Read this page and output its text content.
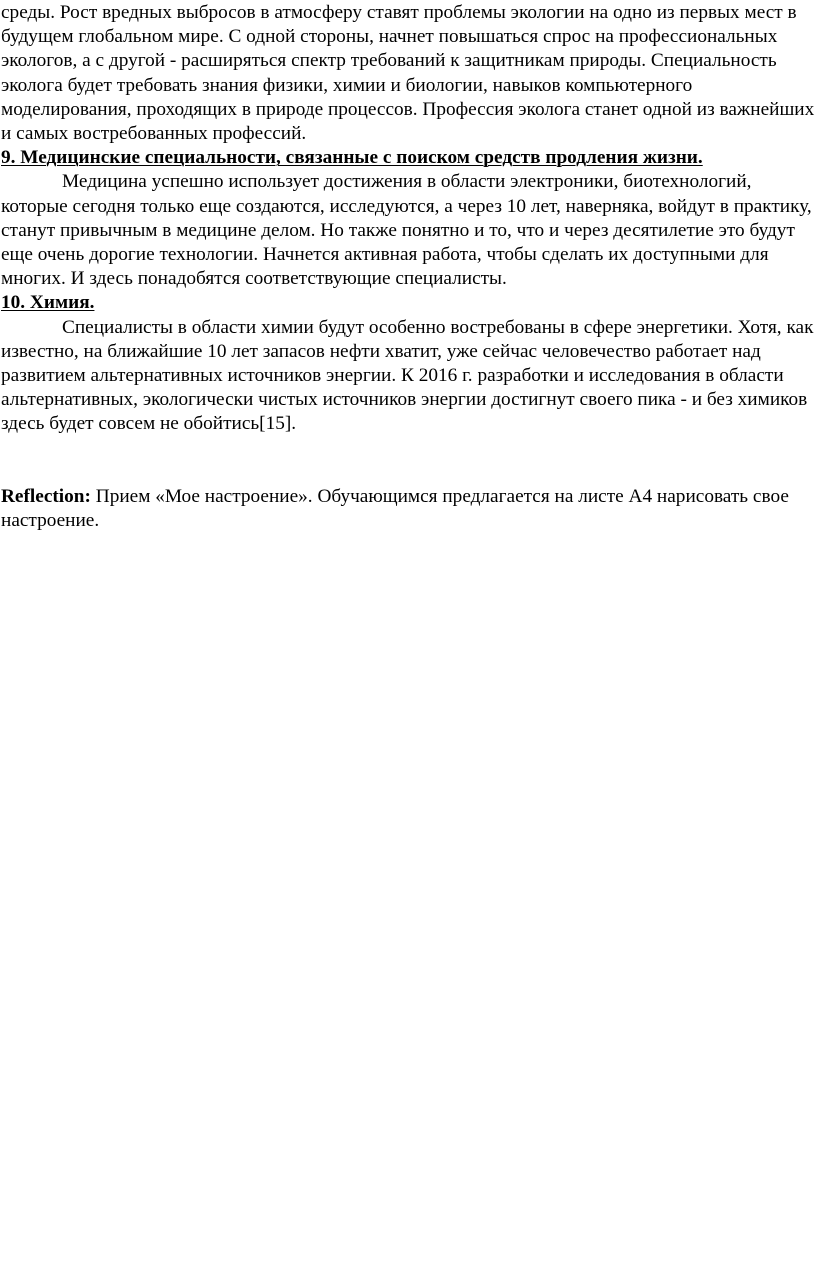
среды. Рост вредных выбросов в атмосферу ставят проблемы экологии на одно из первых мест в будущем глобальном мире. С одной стороны, начнет повышаться спрос на профессиональных экологов, а с другой - расширяться спектр требований к защитникам природы. Специальность эколога будет требовать знания физики, химии и биологии, навыков компьютерного моделирования, проходящих в природе процессов. Профессия эколога станет одной из важнейших и самых востребованных профессий.

9. Медицинские специальности, связанные с поиском средств продления жизни.

Медицина успешно использует достижения в области электроники, биотехнологий, которые сегодня только еще создаются, исследуются, а через 10 лет, наверняка, войдут в практику, станут привычным в медицине делом. Но также понятно и то, что и через десятилетие это будут еще очень дорогие технологии. Начнется активная работа, чтобы сделать их доступными для многих. И здесь понадобятся соответствующие специалисты.

10. Химия.

Специалисты в области химии будут особенно востребованы в сфере энергетики. Хотя, как известно, на ближайшие 10 лет запасов нефти хватит, уже сейчас человечество работает над развитием альтернативных источников энергии. К 2016 г. разработки и исследования в области альтернативных, экологически чистых источников энергии достигнут своего пика - и без химиков здесь будет совсем не обойтись[15].

Reflection: Прием «Мое настроение». Обучающимся предлагается на листе А4 нарисовать свое настроение.
